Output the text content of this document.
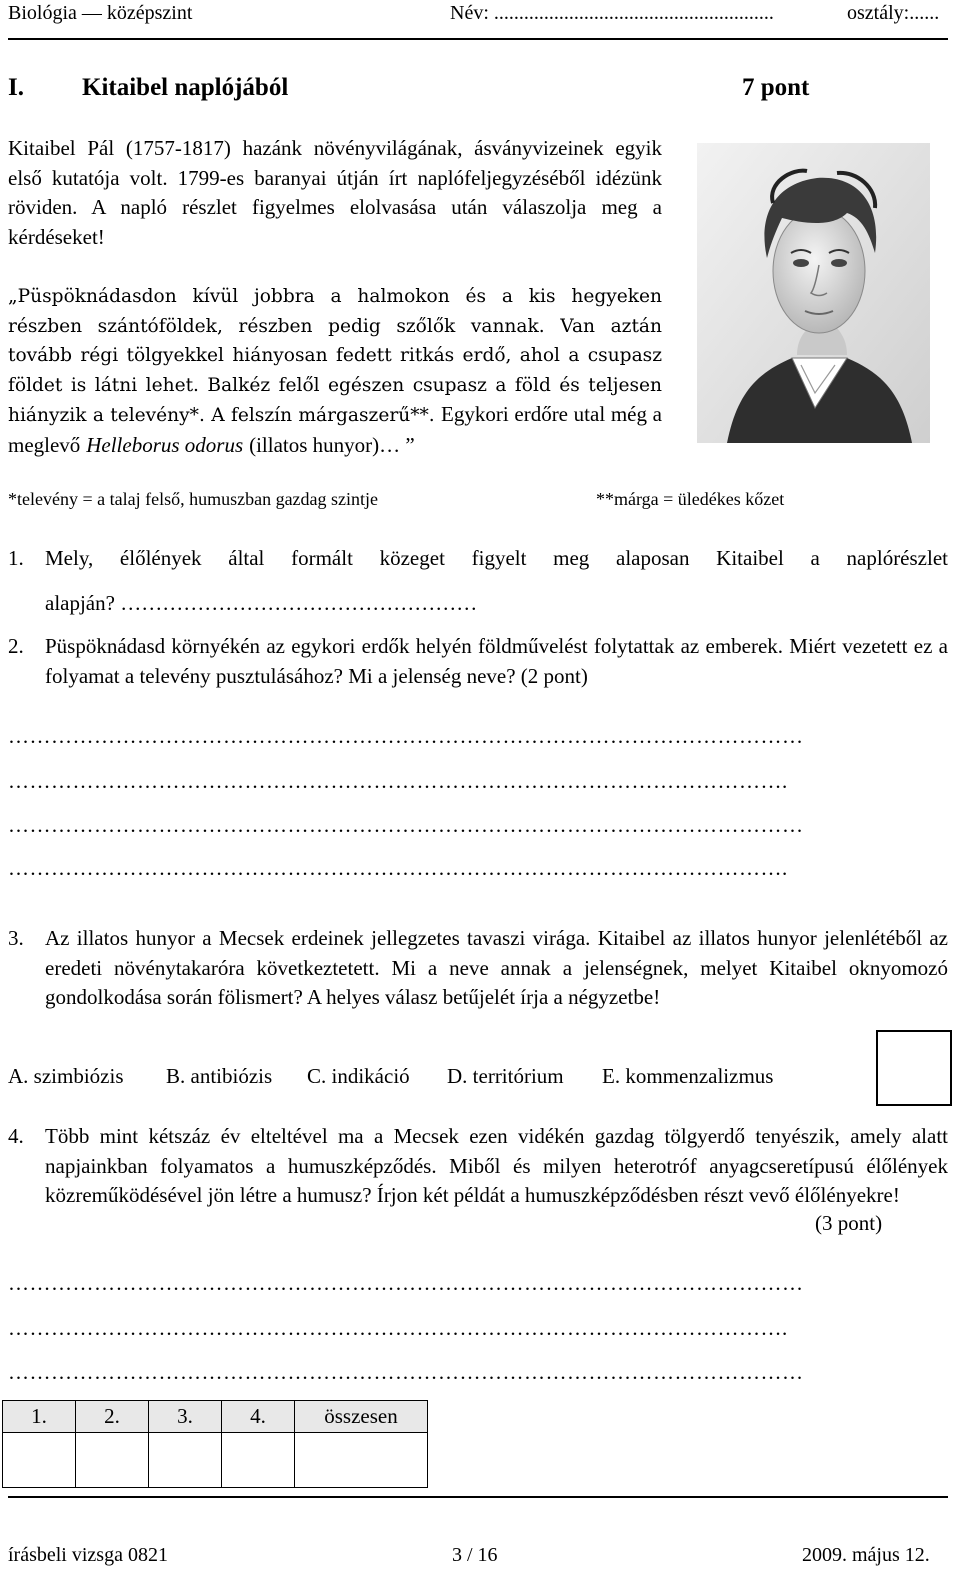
Biológia — középszint	Név: ........................................................	osztály:......
I. Kitaibel naplójából	7 pont
Kitaibel Pál (1757-1817) hazánk növényvilágának, ásványvizeinek egyik első kutatója volt. 1799-es baranyai útján írt naplófeljegyzéséből idézünk röviden. A napló részlet figyelmes elolvasása után válaszolja meg a kérdéseket!
„Püspöknádasdon kívül jobbra a halmokon és a kis hegyeken részben szántóföldek, részben pedig szőlők vannak. Van aztán tovább régi tölgyekkel hiányosan fedett ritkás erdő, ahol a csupasz földet is látni lehet. Balkéz felől egészen csupasz a föld és teljesen hiányzik a televény*. A felszín márgaszerű**. Egykori erdőre utal még a meglevő Helleborus odorus (illatos hunyor)… ”
*televény = a talaj felső, humuszban gazdag szintje	**márga = üledékes kőzet
1. Mely, élőlények által formált közeget figyelt meg alaposan Kitaibel a naplórészlet
alapján? ……………………………………………
2. Püspöknádasd környékén az egykori erdők helyén földművelést folytattak az emberek. Miért vezetett ez a folyamat a televény pusztulásához? Mi a jelenség neve? (2 pont)
…………………………………………………………………………………………………
……………………………………………………………………………………………….
…………………………………………………………………………………………………
……………………………………………………………………………………………….
3. Az illatos hunyor a Mecsek erdeinek jellegzetes tavaszi virága. Kitaibel az illatos hunyor jelenlétéből az eredeti növénytakaróra következtetett. Mi a neve annak a jelenségnek, melyet Kitaibel oknyomozó gondolkodása során fölismert? A helyes válasz betűjelét írja a négyzetbe!
A. szimbiózis B. antibiózis C. indikáció D. territórium E. kommenzalizmus
4. Több mint kétszáz év elteltével ma a Mecsek ezen vidékén gazdag tölgyerdő tenyészik, amely alatt napjainkban folyamatos a humuszképződés. Miből és milyen heterotróf anyagcseretípusú élőlények közreműködésével jön létre a humusz? Írjon két példát a humuszképződésben részt vevő élőlényekre!
(3 pont)
…………………………………………………………………………………………………
……………………………………………………………………………………………….
…………………………………………………………………………………………………
1.	2.	3.	4.	összesen

írásbeli vizsga 0821	3 / 16	2009. május 12.
